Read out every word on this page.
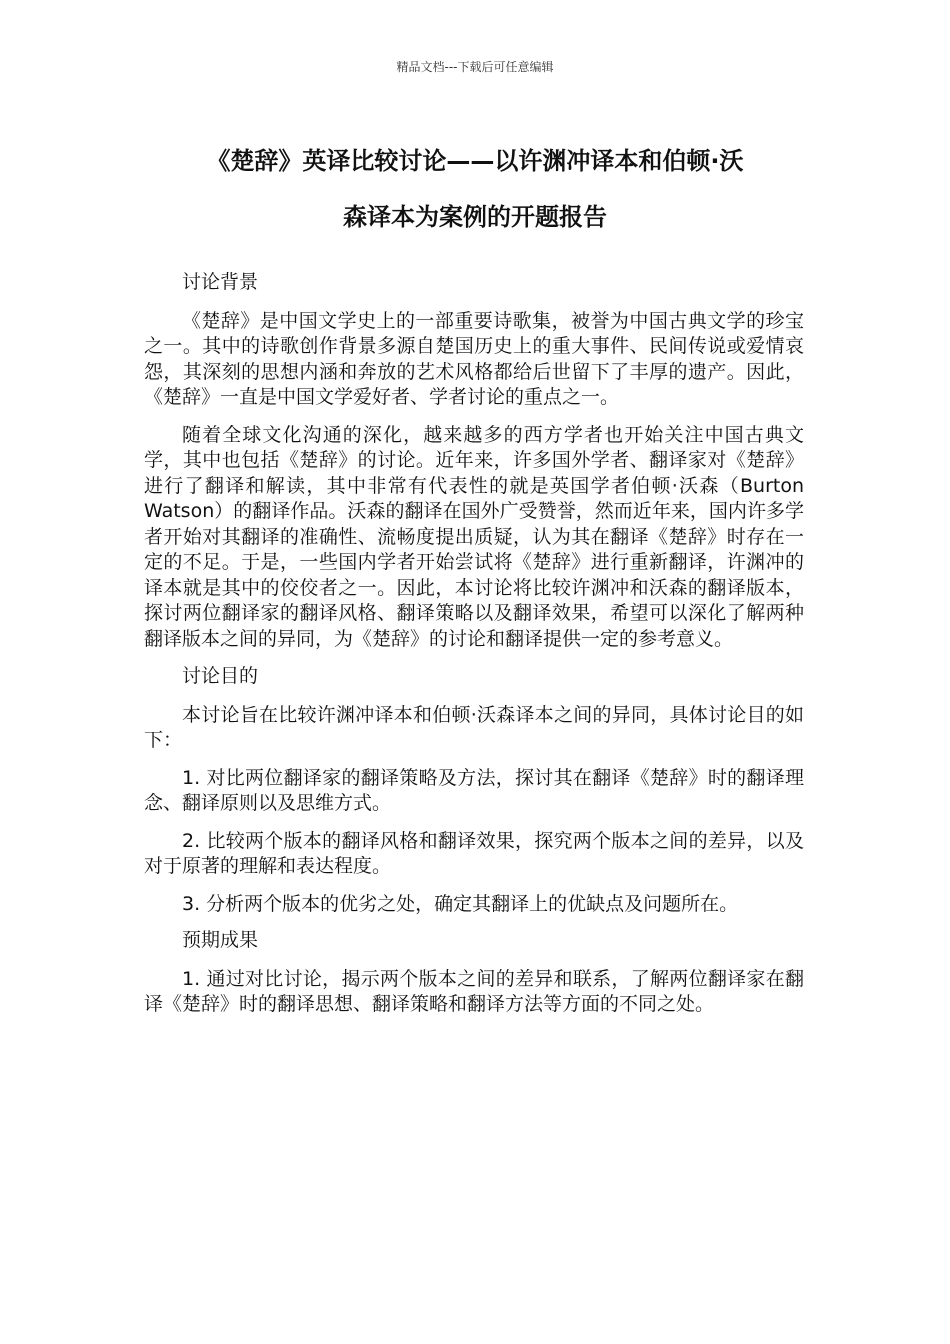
精品文档---下载后可任意编辑
《楚辞》英译比较讨论——以许渊冲译本和伯顿·沃
森译本为案例的开题报告

讨论背景

《楚辞》是中国文学史上的一部重要诗歌集，被誉为中国古典文学的珍宝之一。其中的诗歌创作背景多源自楚国历史上的重大事件、民间传说或爱情哀怨，其深刻的思想内涵和奔放的艺术风格都给后世留下了丰厚的遗产。因此，《楚辞》一直是中国文学爱好者、学者讨论的重点之一。

随着全球文化沟通的深化，越来越多的西方学者也开始关注中国古典文学，其中也包括《楚辞》的讨论。近年来，许多国外学者、翻译家对《楚辞》进行了翻译和解读，其中非常有代表性的就是英国学者伯顿·沃森（Burton Watson）的翻译作品。沃森的翻译在国外广受赞誉，然而近年来，国内许多学者开始对其翻译的准确性、流畅度提出质疑，认为其在翻译《楚辞》时存在一定的不足。于是，一些国内学者开始尝试将《楚辞》进行重新翻译，许渊冲的译本就是其中的佼佼者之一。因此，本讨论将比较许渊冲和沃森的翻译版本，探讨两位翻译家的翻译风格、翻译策略以及翻译效果，希望可以深化了解两种翻译版本之间的异同，为《楚辞》的讨论和翻译提供一定的参考意义。

讨论目的

本讨论旨在比较许渊冲译本和伯顿·沃森译本之间的异同，具体讨论目的如下：

1. 对比两位翻译家的翻译策略及方法，探讨其在翻译《楚辞》时的翻译理念、翻译原则以及思维方式。

2. 比较两个版本的翻译风格和翻译效果，探究两个版本之间的差异，以及对于原著的理解和表达程度。

3. 分析两个版本的优劣之处，确定其翻译上的优缺点及问题所在。

预期成果

1. 通过对比讨论，揭示两个版本之间的差异和联系，了解两位翻译家在翻译《楚辞》时的翻译思想、翻译策略和翻译方法等方面的不同之处。
